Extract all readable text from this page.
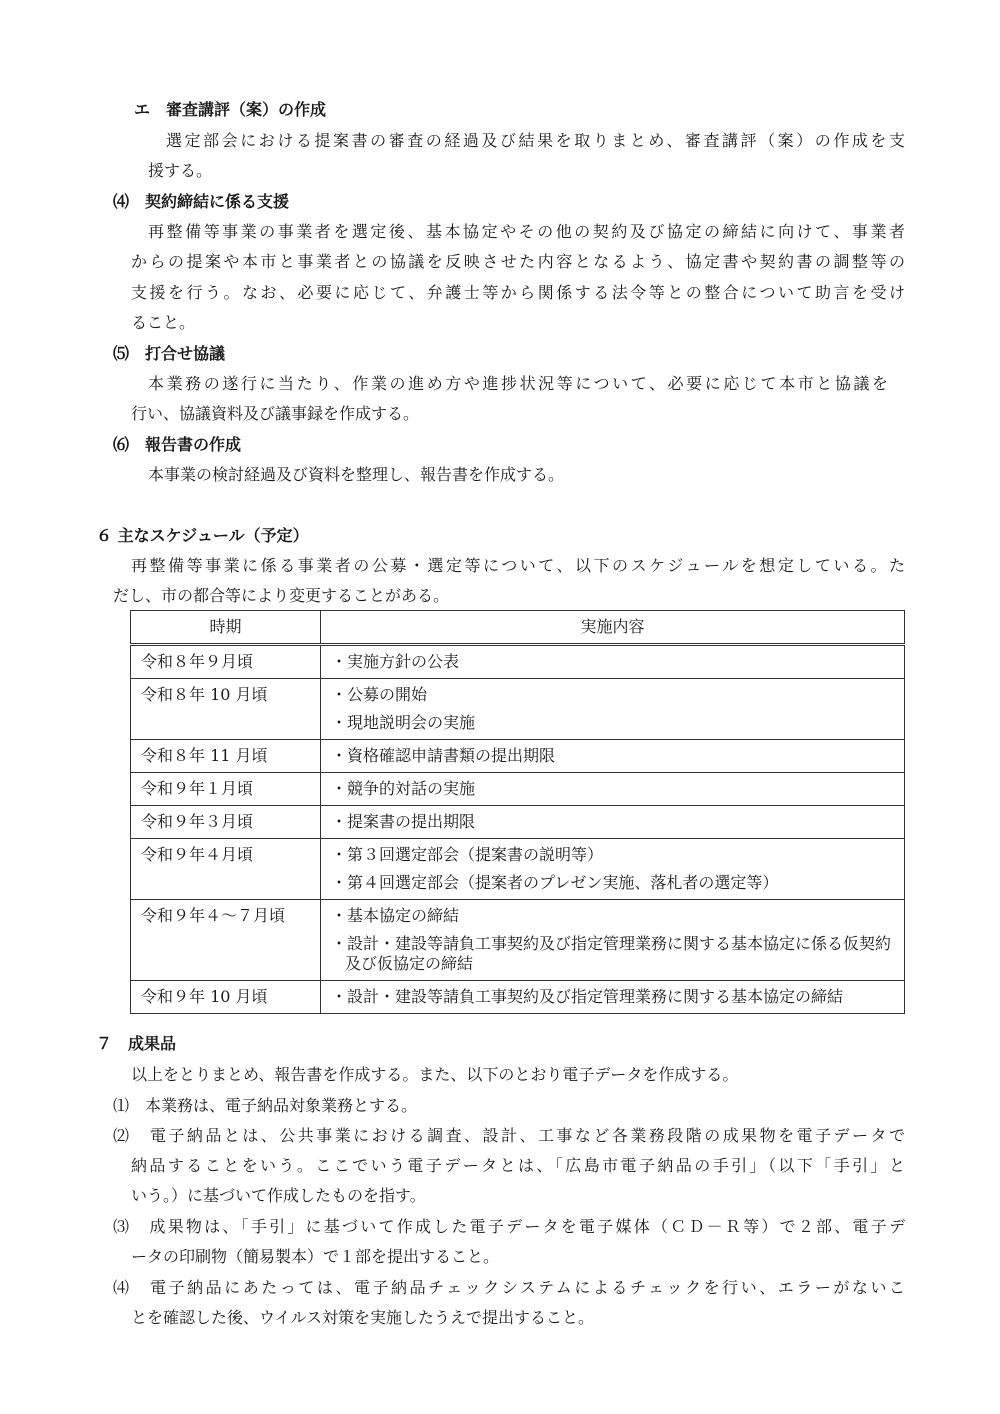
エ　審査講評（案）の作成
選定部会における提案書の審査の経過及び結果を取りまとめ、審査講評（案）の作成を支
援する。
⑷　契約締結に係る支援
再整備等事業の事業者を選定後、基本協定やその他の契約及び協定の締結に向けて、事業者
からの提案や本市と事業者との協議を反映させた内容となるよう、協定書や契約書の調整等の
支援を行う。なお、必要に応じて、弁護士等から関係する法令等との整合について助言を受け
ること。
⑸　打合せ協議
本業務の遂行に当たり、作業の進め方や進捗状況等について、必要に応じて本市と協議を
行い、協議資料及び議事録を作成する。
⑹　報告書の作成
本事業の検討経過及び資料を整理し、報告書を作成する。
６ 主なスケジュール（予定）
再整備等事業に係る事業者の公募・選定等について、以下のスケジュールを想定している。た
だし、市の都合等により変更することがある。
時期	実施内容
令和８年９月頃	・実施方針の公表

令和８年 10 月頃	・公募の開始
・現地説明会の実施

令和８年 11 月頃	・資格確認申請書類の提出期限

令和９年１月頃	・競争的対話の実施

令和９年３月頃	・提案書の提出期限

令和９年４月頃	・第３回選定部会（提案書の説明等）
・第４回選定部会（提案者のプレゼン実施、落札者の選定等）

令和９年４～７月頃	・基本協定の締結
・設計・建設等請負工事契約及び指定管理業務に関する基本協定に係る仮契約及び仮協定の締結

令和９年 10 月頃	・設計・建設等請負工事契約及び指定管理業務に関する基本協定の締結
７　成果品
以上をとりまとめ、報告書を作成する。また、以下のとおり電子データを作成する。
⑴　本業務は、電子納品対象業務とする。
⑵　電子納品とは、公共事業における調査、設計、工事など各業務段階の成果物を電子データで
納品することをいう。ここでいう電子データとは、「広島市電子納品の手引」（以下「手引」と
いう。）に基づいて作成したものを指す。
⑶　成果物は、「手引」に基づいて作成した電子データを電子媒体（ＣＤ－Ｒ等）で２部、電子デ
ータの印刷物（簡易製本）で１部を提出すること。
⑷　電子納品にあたっては、電子納品チェックシステムによるチェックを行い、エラーがないこ
とを確認した後、ウイルス対策を実施したうえで提出すること。
